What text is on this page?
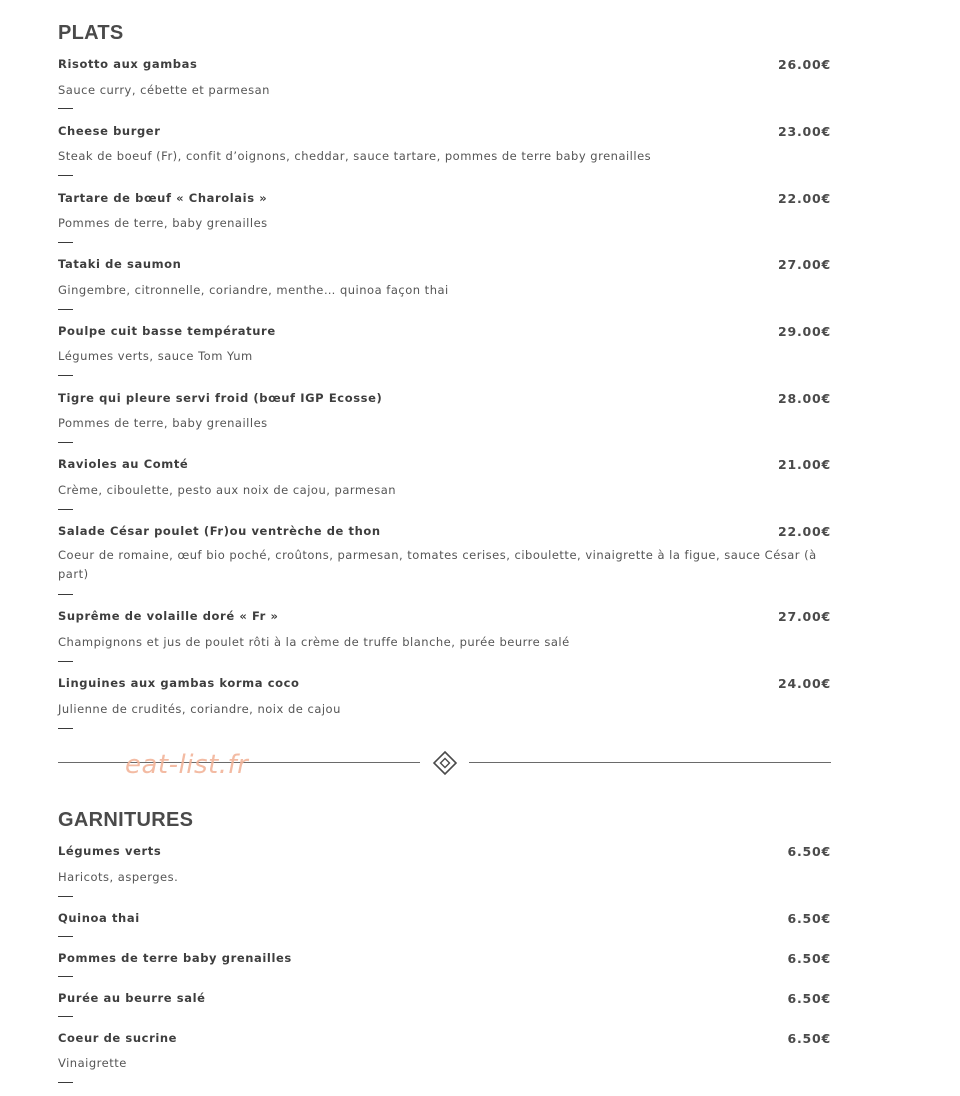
PLATS
Risotto aux gambas	26.00€
Sauce curry, cébette et parmesan
Cheese burger	23.00€
Steak de boeuf (Fr), confit d’oignons, cheddar, sauce tartare, pommes de terre baby grenailles
Tartare de bœuf « Charolais »	22.00€
Pommes de terre, baby grenailles
Tataki de saumon	27.00€
Gingembre, citronnelle, coriandre, menthe… quinoa façon thai
Poulpe cuit basse température	29.00€
Légumes verts, sauce Tom Yum
Tigre qui pleure servi froid (bœuf IGP Ecosse)	28.00€
Pommes de terre, baby grenailles
Ravioles au Comté	21.00€
Crème, ciboulette, pesto aux noix de cajou, parmesan
Salade César poulet (Fr)ou ventrèche de thon	22.00€
Coeur de romaine, œuf bio poché, croûtons, parmesan, tomates cerises, ciboulette, vinaigrette à la figue, sauce César (à part)
Suprême de volaille doré « Fr »	27.00€
Champignons et jus de poulet rôti à la crème de truffe blanche, purée beurre salé
Linguines aux gambas korma coco	24.00€
Julienne de crudités, coriandre, noix de cajou
GARNITURES
Légumes verts	6.50€
Haricots, asperges.
Quinoa thai	6.50€
Pommes de terre baby grenailles	6.50€
Purée au beurre salé	6.50€
Coeur de sucrine	6.50€
Vinaigrette
eat-list.fr
